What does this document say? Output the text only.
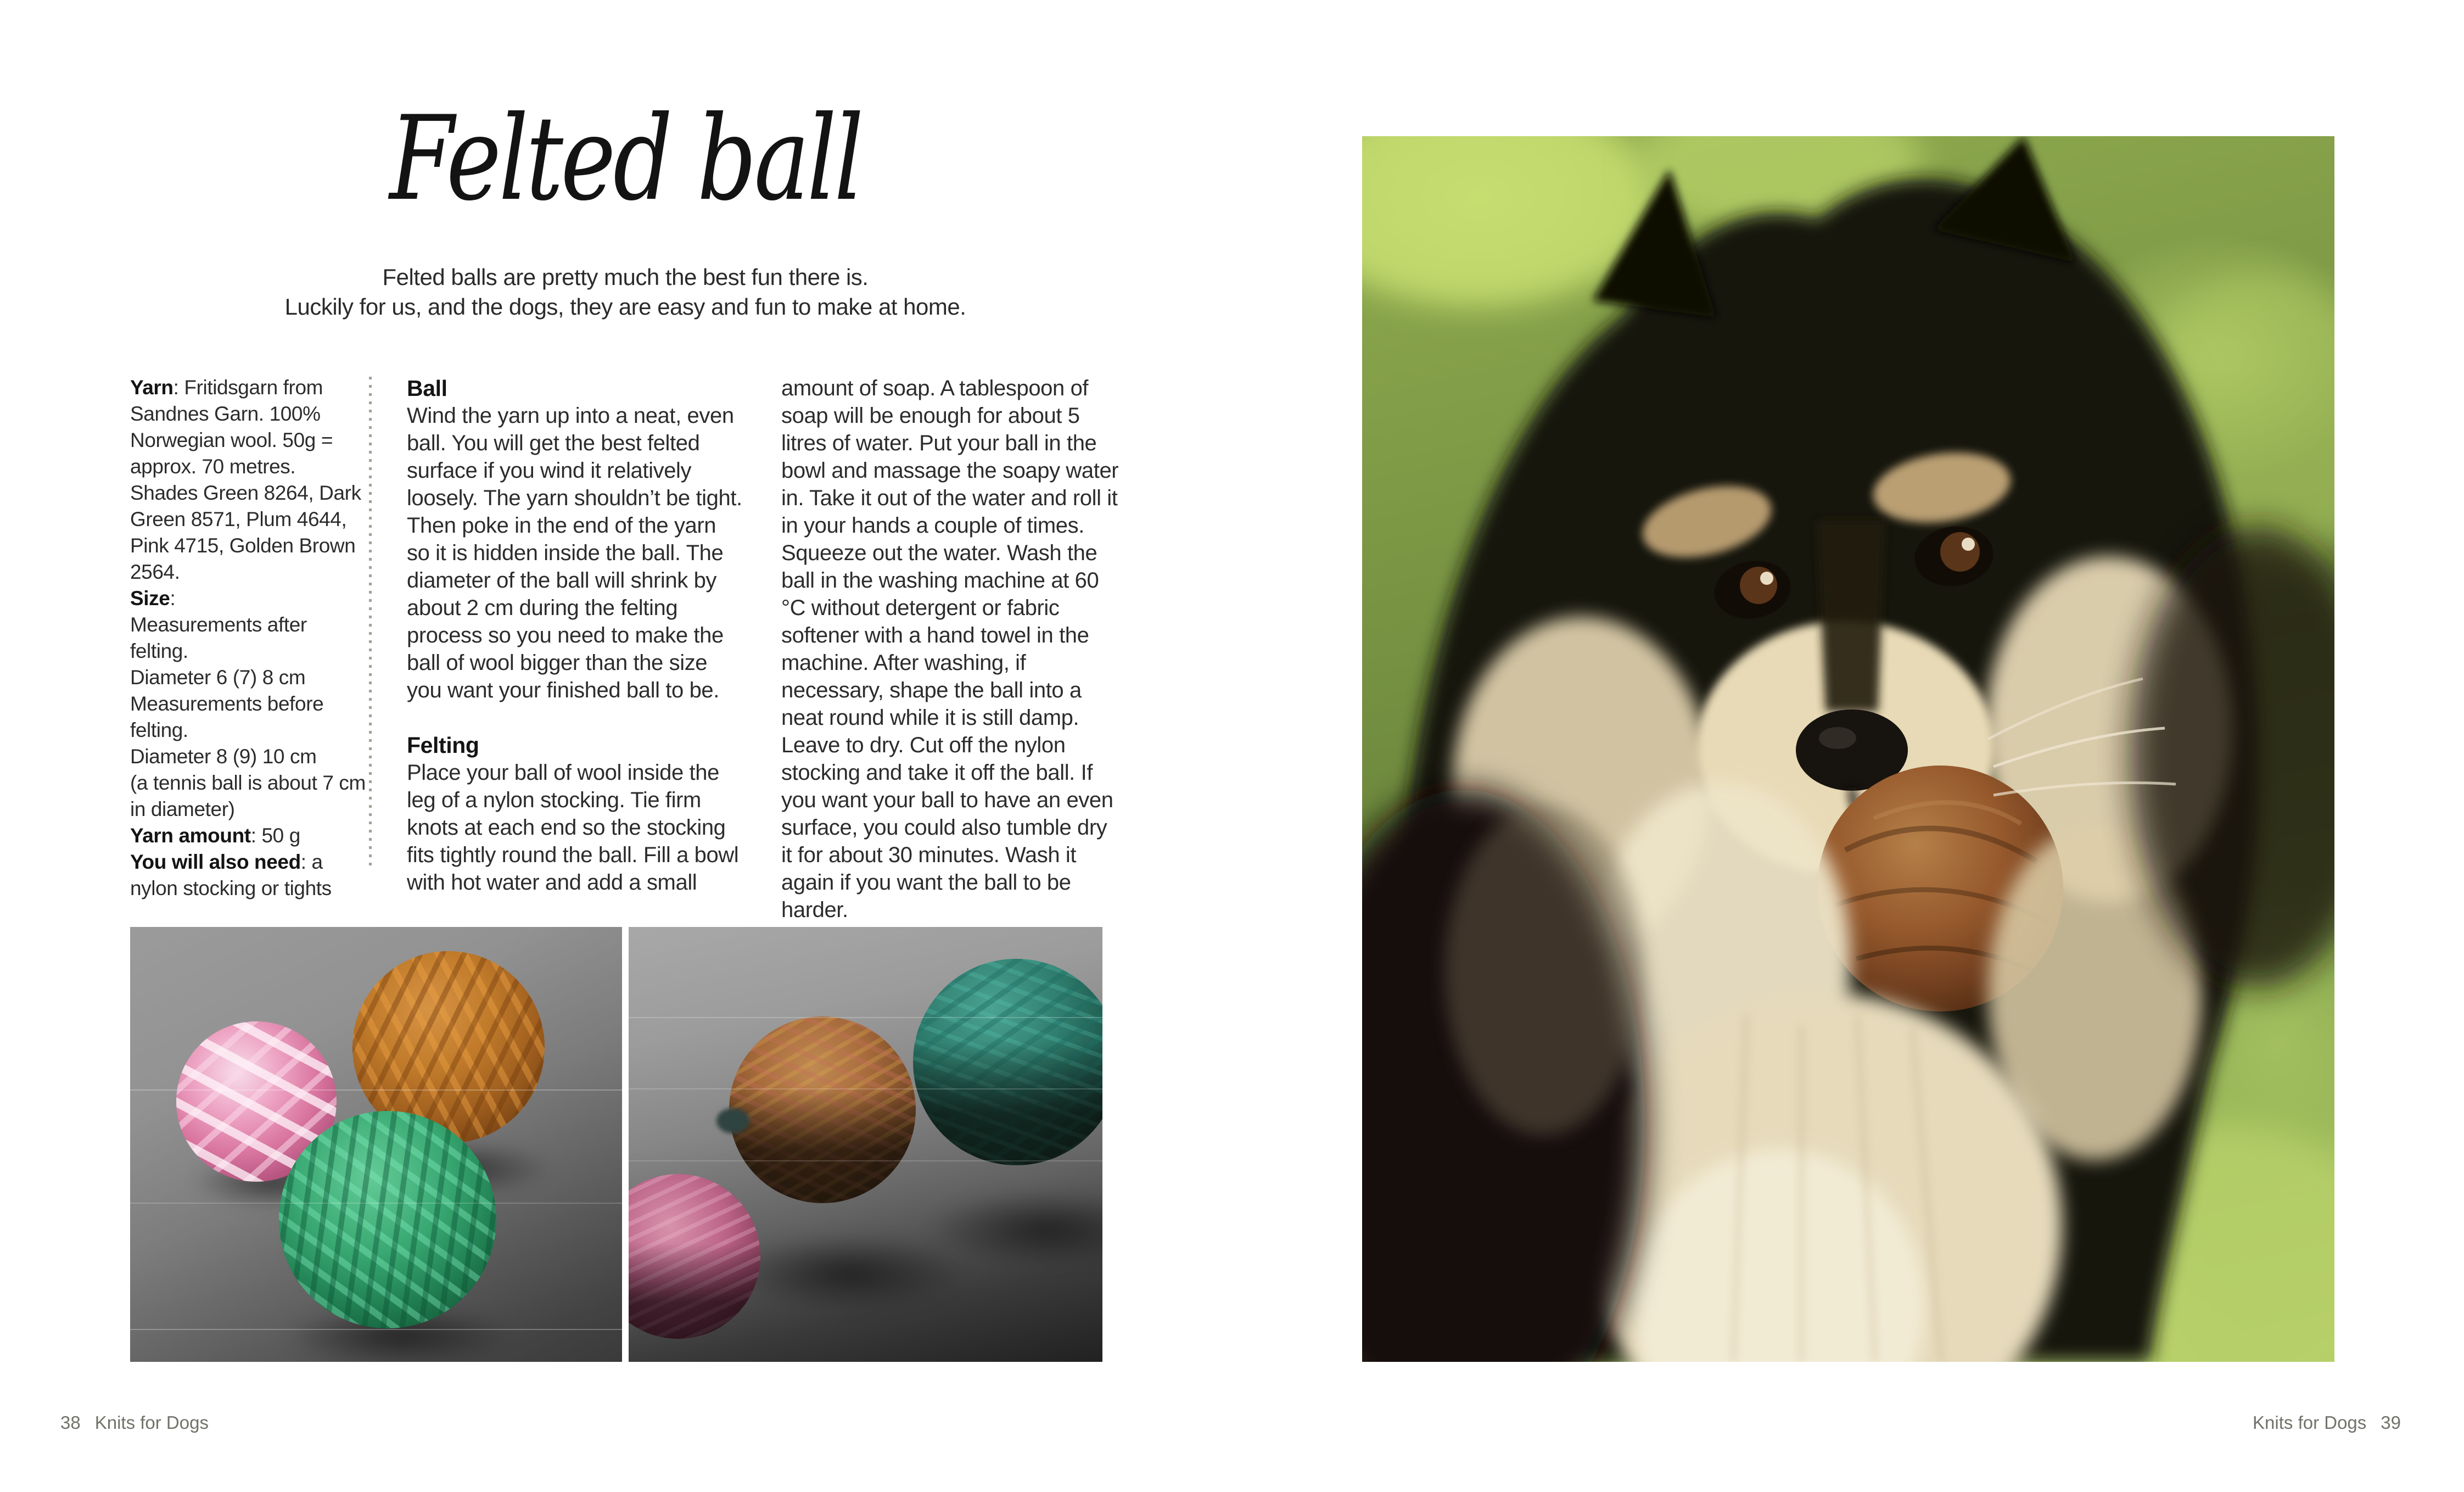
Felted ball
Felted balls are pretty much the best fun there is.
Luckily for us, and the dogs, they are easy and fun to make at home.

Yarn: Fritidsgarn from Sandnes Garn. 100% Norwegian wool. 50g = approx. 70 metres.

Shades Green 8264, Dark Green 8571, Plum 4644, Pink 4715, Golden Brown 2564.

Size:

Measurements after felting.

Diameter 6 (7) 8 cm

Measurements before felting.

Diameter 8 (9) 10 cm

(a tennis ball is about 7 cm in diameter)

Yarn amount: 50 g

You will also need: a nylon stocking or tights

Ball

Wind the yarn up into a neat, even ball. You will get the best felted surface if you wind it relatively loosely. The yarn shouldn’t be tight. Then poke in the end of the yarn so it is hidden inside the ball. The diameter of the ball will shrink by about 2 cm during the felting process so you need to make the ball of wool bigger than the size you want your finished ball to be.

Felting

Place your ball of wool inside the leg of a nylon stocking. Tie firm knots at each end so the stocking fits tightly round the ball. Fill a bowl with hot water and add a small

amount of soap. A tablespoon of soap will be enough for about 5 litres of water. Put your ball in the bowl and massage the soapy water in. Take it out of the water and roll it in your hands a couple of times. Squeeze out the water. Wash the ball in the washing machine at 60 °C without detergent or fabric softener with a hand towel in the machine. After washing, if necessary, shape the ball into a neat round while it is still damp. Leave to dry. Cut off the nylon stocking and take it off the ball. If you want your ball to have an even surface, you could also tumble dry it for about 30 minutes. Wash it again if you want the ball to be harder.

38 Knits for Dogs	Knits for Dogs 39
